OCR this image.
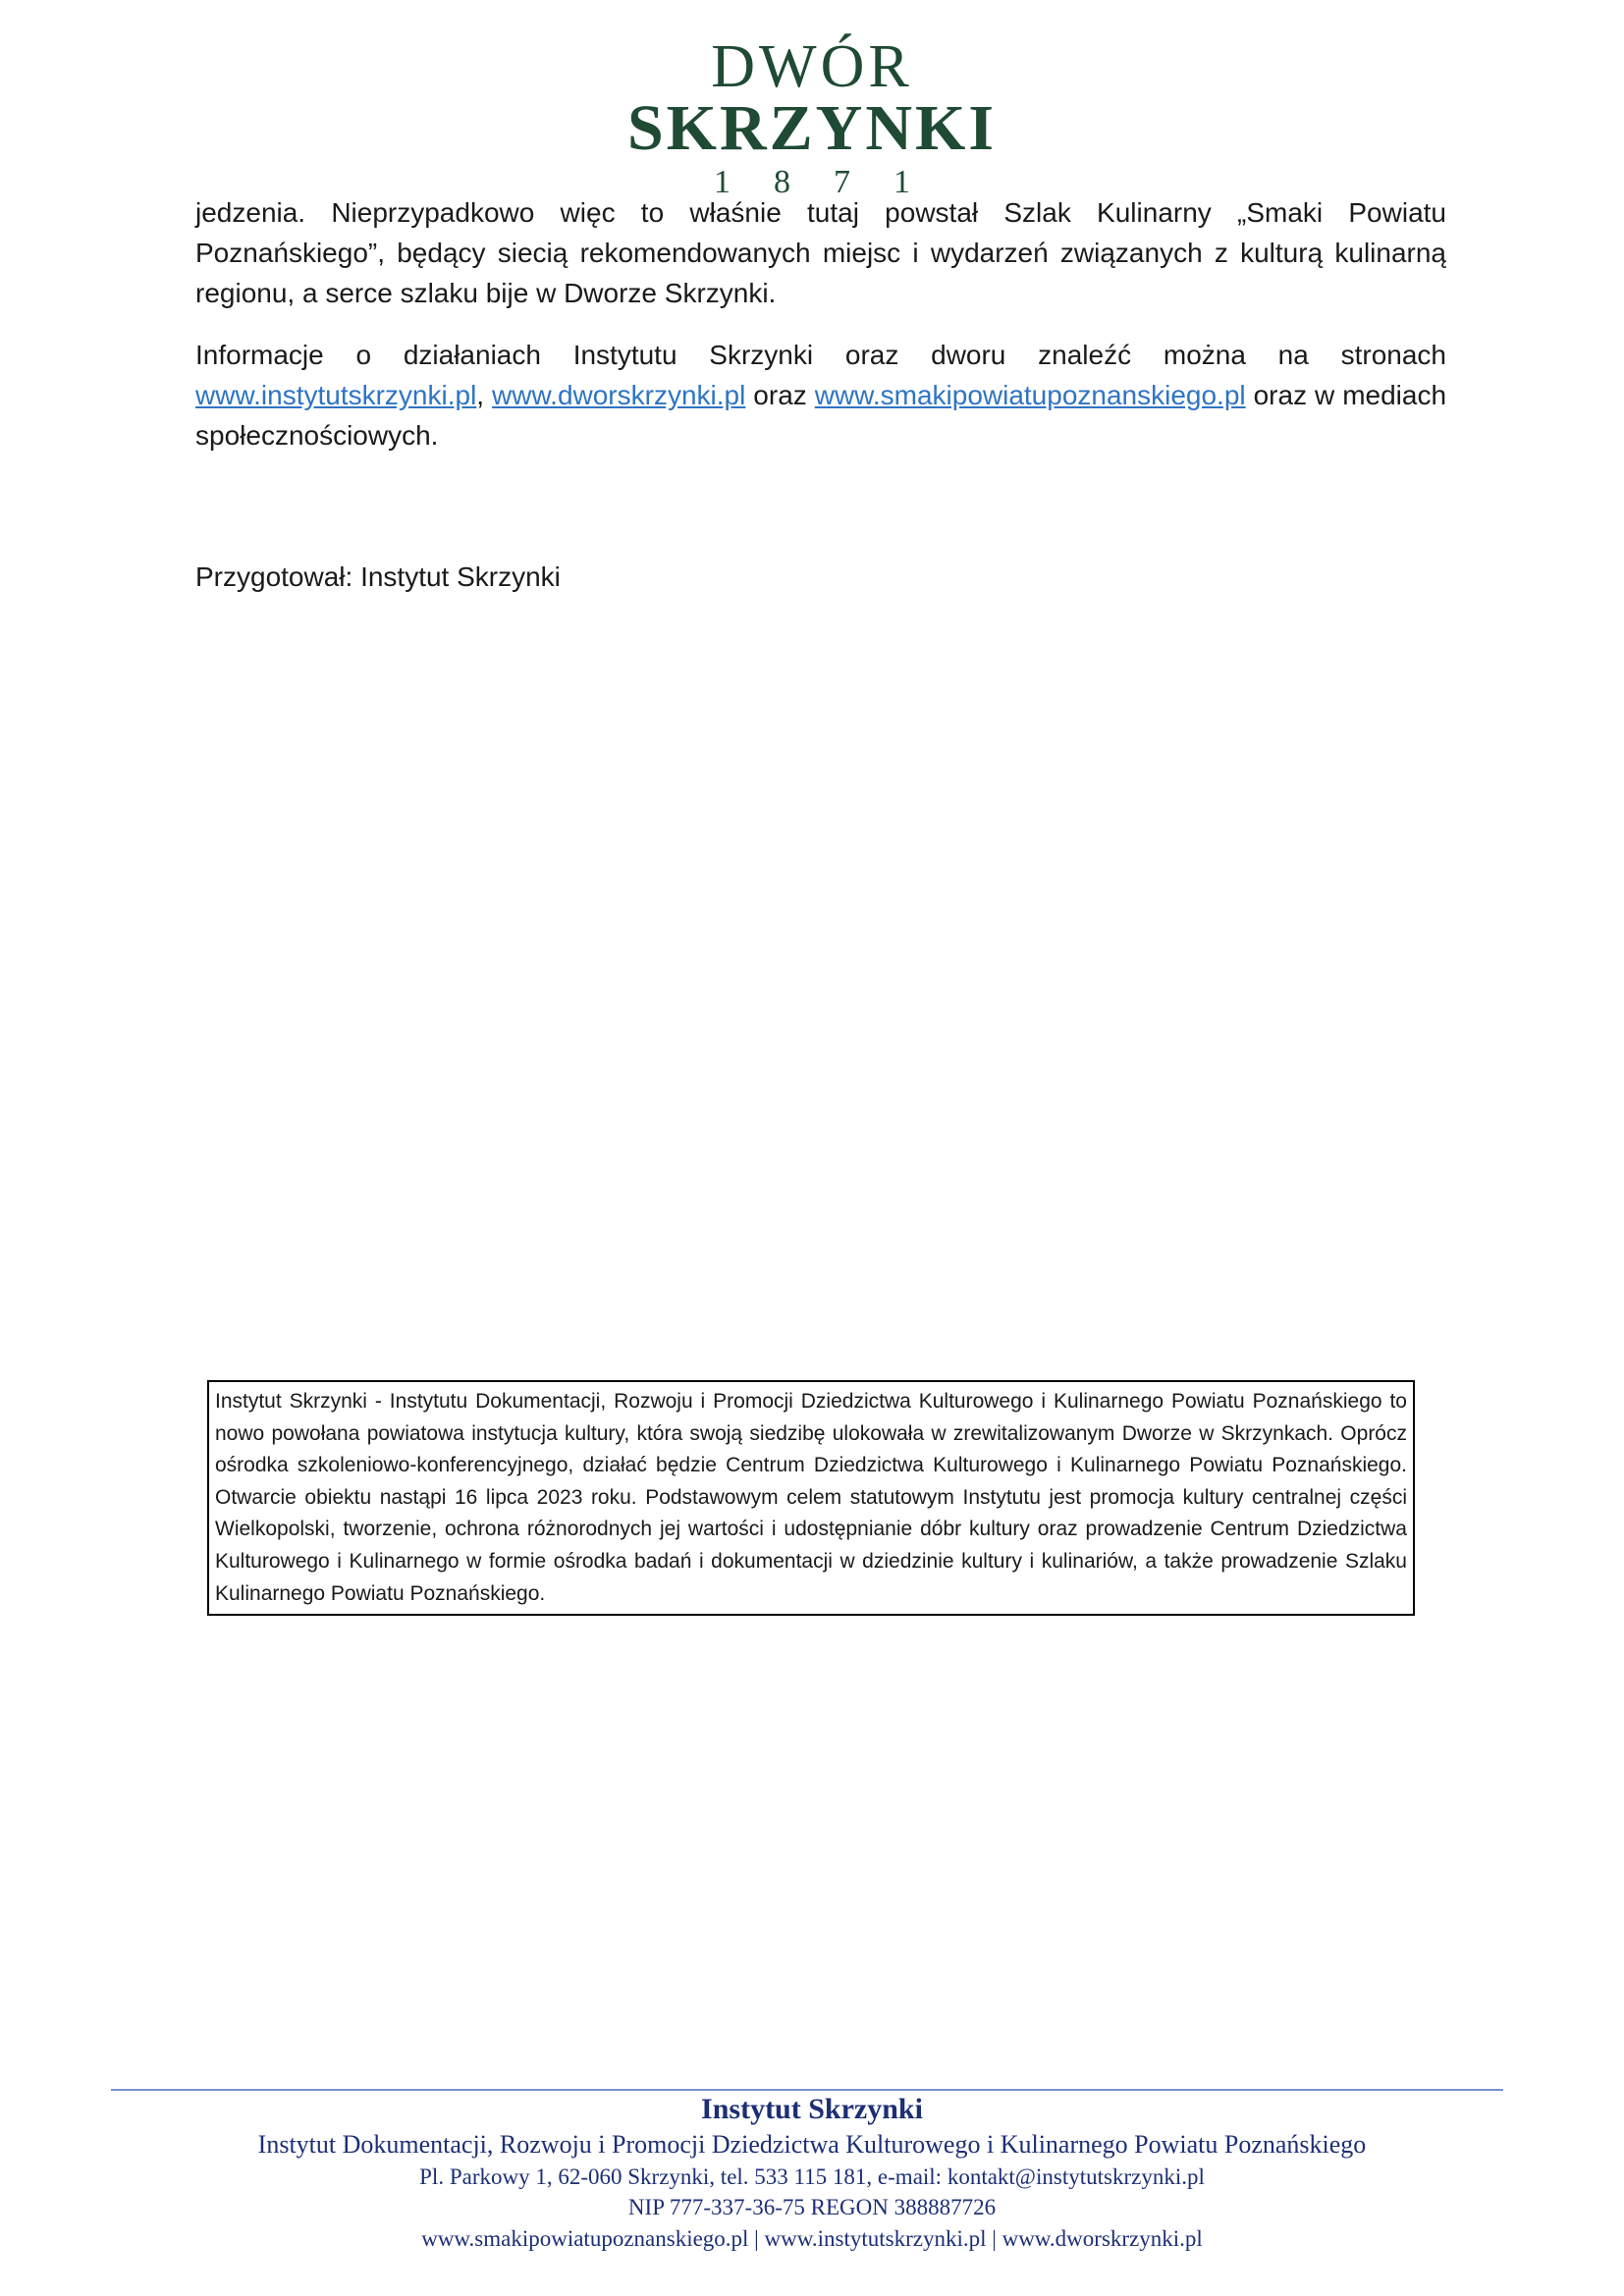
DWÓR
SKRZYNKI
1871
jedzenia. Nieprzypadkowo więc to właśnie tutaj powstał Szlak Kulinarny „Smaki Powiatu Poznańskiego”, będący siecią rekomendowanych miejsc i wydarzeń związanych z kulturą kulinarną regionu, a serce szlaku bije w Dworze Skrzynki.
Informacje o działaniach Instytutu Skrzynki oraz dworu znaleźć można na stronach www.instytutskrzynki.pl, www.dworskrzynki.pl oraz www.smakipowiatupoznanskiego.pl oraz w mediach społecznościowych.
Przygotował: Instytut Skrzynki
Instytut Skrzynki - Instytutu Dokumentacji, Rozwoju i Promocji Dziedzictwa Kulturowego i Kulinarnego Powiatu Poznańskiego to nowo powołana powiatowa instytucja kultury, która swoją siedzibę ulokowała w zrewitalizowanym Dworze w Skrzynkach. Oprócz ośrodka szkoleniowo-konferencyjnego, działać będzie Centrum Dziedzictwa Kulturowego i Kulinarnego Powiatu Poznańskiego. Otwarcie obiektu nastąpi 16 lipca 2023 roku. Podstawowym celem statutowym Instytutu jest promocja kultury centralnej części Wielkopolski, tworzenie, ochrona różnorodnych jej wartości i udostępnianie dóbr kultury oraz prowadzenie Centrum Dziedzictwa Kulturowego i Kulinarnego w formie ośrodka badań i dokumentacji w dziedzinie kultury i kulinariów, a także prowadzenie Szlaku Kulinarnego Powiatu Poznańskiego.
Instytut Skrzynki
Instytut Dokumentacji, Rozwoju i Promocji Dziedzictwa Kulturowego i Kulinarnego Powiatu Poznańskiego
Pl. Parkowy 1, 62-060 Skrzynki, tel. 533 115 181, e-mail: kontakt@instytutskrzynki.pl
NIP 777-337-36-75 REGON 388887726
www.smakipowiatupoznanskiego.pl | www.instytutskrzynki.pl | www.dworskrzynki.pl
